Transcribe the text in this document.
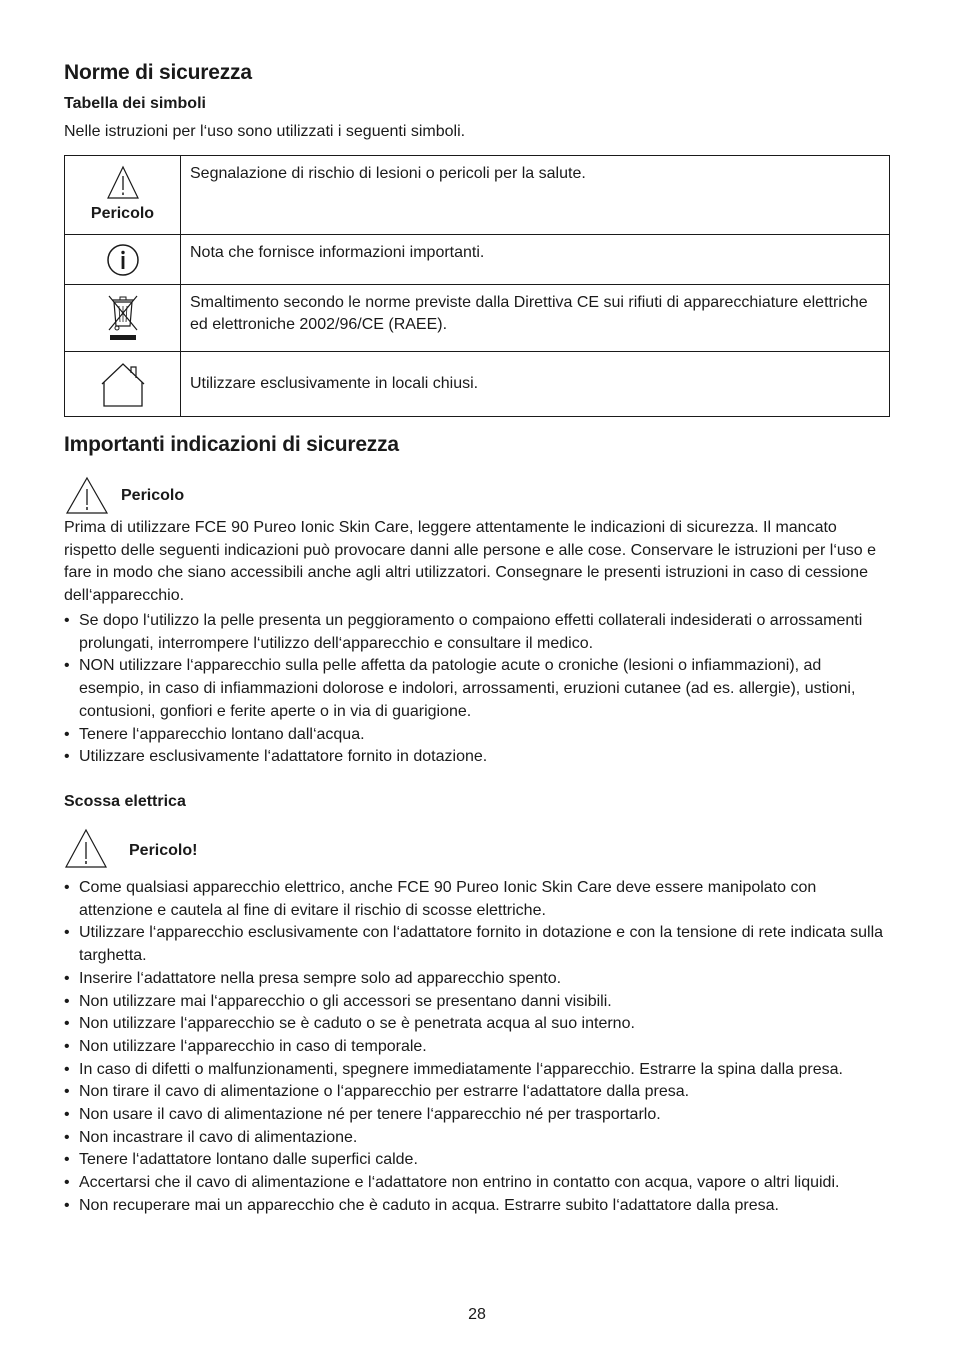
Norme di sicurezza
Tabella dei simboli
Nelle istruzioni per l‘uso sono utilizzati i seguenti simboli.
Pericolo	Segnalazione di rischio di lesioni o pericoli per la salute.
	Nota che fornisce informazioni importanti.
	Smaltimento secondo le norme previste dalla Direttiva CE sui rifiuti di apparecchiature elettriche ed elettroniche 2002/96/CE (RAEE).
	Utilizzare esclusivamente in locali chiusi.
Importanti indicazioni di sicurezza
Pericolo
Prima di utilizzare FCE 90 Pureo Ionic Skin Care, leggere attentamente le indicazioni di sicurezza. Il mancato rispetto delle seguenti indicazioni può provocare danni alle persone e alle cose. Conservare le istruzioni per l‘uso e fare in modo che siano accessibili anche agli altri utilizzatori. Consegnare le presenti istruzioni in caso di cessione dell‘apparecchio.
• Se dopo l‘utilizzo la pelle presenta un peggioramento o compaiono effetti collaterali indesiderati o arrossamenti prolungati, interrompere l‘utilizzo dell‘apparecchio e consultare il medico.
• NON utilizzare l‘apparecchio sulla pelle affetta da patologie acute o croniche (lesioni o infiammazioni), ad esempio, in caso di infiammazioni dolorose e indolori, arrossamenti, eruzioni cutanee (ad es. allergie), ustioni, contusioni, gonfiori e ferite aperte o in via di guarigione.
• Tenere l‘apparecchio lontano dall‘acqua.
• Utilizzare esclusivamente l‘adattatore fornito in dotazione.
Scossa elettrica
Pericolo!
• Come qualsiasi apparecchio elettrico, anche FCE 90 Pureo Ionic Skin Care deve essere manipolato con attenzione e cautela al fine di evitare il rischio di scosse elettriche.
• Utilizzare l‘apparecchio esclusivamente con l‘adattatore fornito in dotazione e con la tensione di rete indicata sulla targhetta.
• Inserire l‘adattatore nella presa sempre solo ad apparecchio spento.
• Non utilizzare mai l‘apparecchio o gli accessori se presentano danni visibili.
• Non utilizzare l‘apparecchio se è caduto o se è penetrata acqua al suo interno.
• Non utilizzare l‘apparecchio in caso di temporale.
• In caso di difetti o malfunzionamenti, spegnere immediatamente l‘apparecchio. Estrarre la spina dalla presa.
• Non tirare il cavo di alimentazione o l‘apparecchio per estrarre l‘adattatore dalla presa.
• Non usare il cavo di alimentazione né per tenere l‘apparecchio né per trasportarlo.
• Non incastrare il cavo di alimentazione.
• Tenere l‘adattatore lontano dalle superfici calde.
• Accertarsi che il cavo di alimentazione e l‘adattatore non entrino in contatto con acqua, vapore o altri liquidi.
• Non recuperare mai un apparecchio che è caduto in acqua. Estrarre subito l‘adattatore dalla presa.
28
